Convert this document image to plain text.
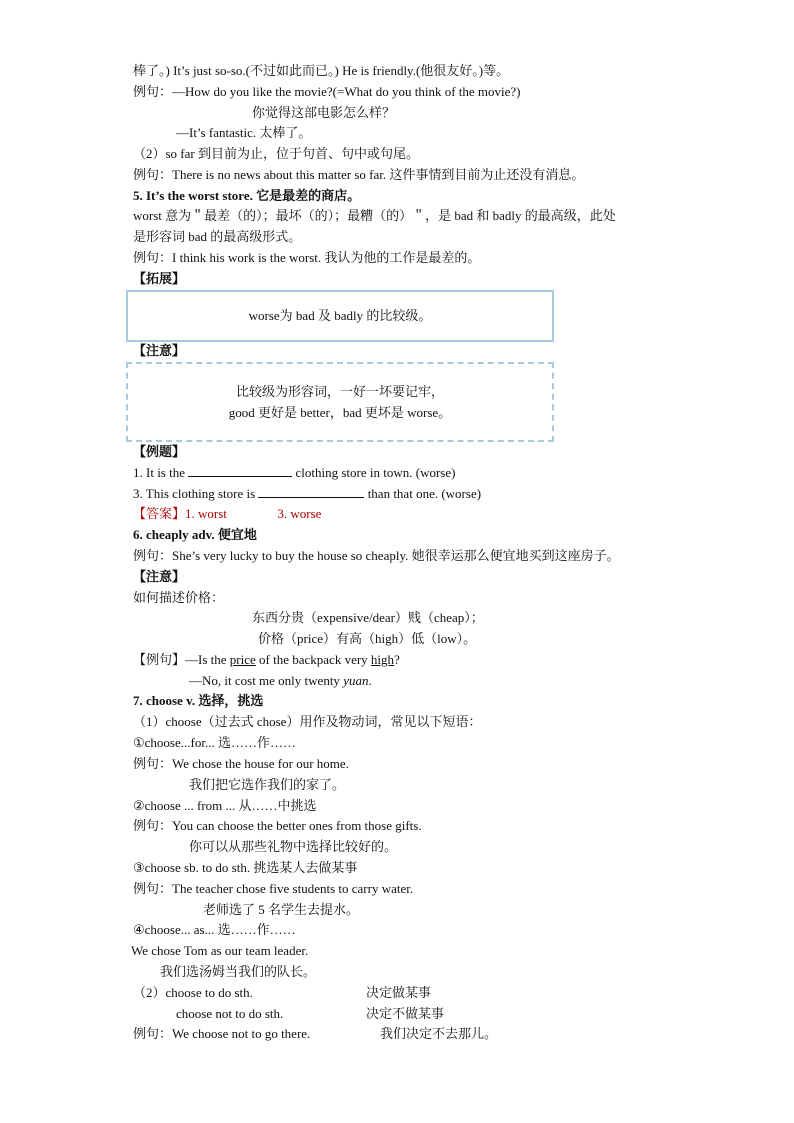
棒了。) It’s just so-so.(不过如此而已。) He is friendly.(他很友好。)等。
例句：—How do you like the movie?(=What do you think of the movie?)
你觉得这部电影怎么样？
—It’s fantastic. 太棒了。
（2）so far 到目前为止，位于句首、句中或句尾。
例句：There is no news about this matter so far. 这件事情到目前为止还没有消息。
5. It’s the worst store. 它是最差的商店。
worst 意为＂最差（的）；最坏（的）；最糟（的）＂，是 bad 和 badly 的最高级，此处
是形容词 bad 的最高级形式。
例句：I think his work is the worst. 我认为他的工作是最差的。
【拓展】
worse为 bad 及 badly 的比较级。
【注意】
比较级为形容词，一好一坏要记牢，
good 更好是 better，bad 更坏是 worse。
【例题】
1. It is the	clothing store in town. (worse)
3. This clothing store is	than that one. (worse)
【答案】1. worst	3. worse
6. cheaply adv. 便宜地
例句：She’s very lucky to buy the house so cheaply. 她很幸运那么便宜地买到这座房子。
【注意】
如何描述价格：
东西分贵（expensive/dear）贱（cheap）；
价格（price）有高（high）低（low）。
【例句】—Is the price of the backpack very high?
—No, it cost me only twenty yuan.
7. choose v. 选择，挑选
（1）choose（过去式 chose）用作及物动词，常见以下短语：
①choose...for... 选……作……
例句：We chose the house for our home.
我们把它选作我们的家了。
②choose ... from ... 从……中挑选
例句：You can choose the better ones from those gifts.
你可以从那些礼物中选择比较好的。
③choose sb. to do sth. 挑选某人去做某事
例句：The teacher chose five students to carry water.
老师选了 5 名学生去提水。
④choose... as... 选……作……
We chose Tom as our team leader.
我们选汤姆当我们的队长。
（2）choose to do sth.	决定做某事
choose not to do sth.	决定不做某事
例句：We choose not to go there.	我们决定不去那儿。
